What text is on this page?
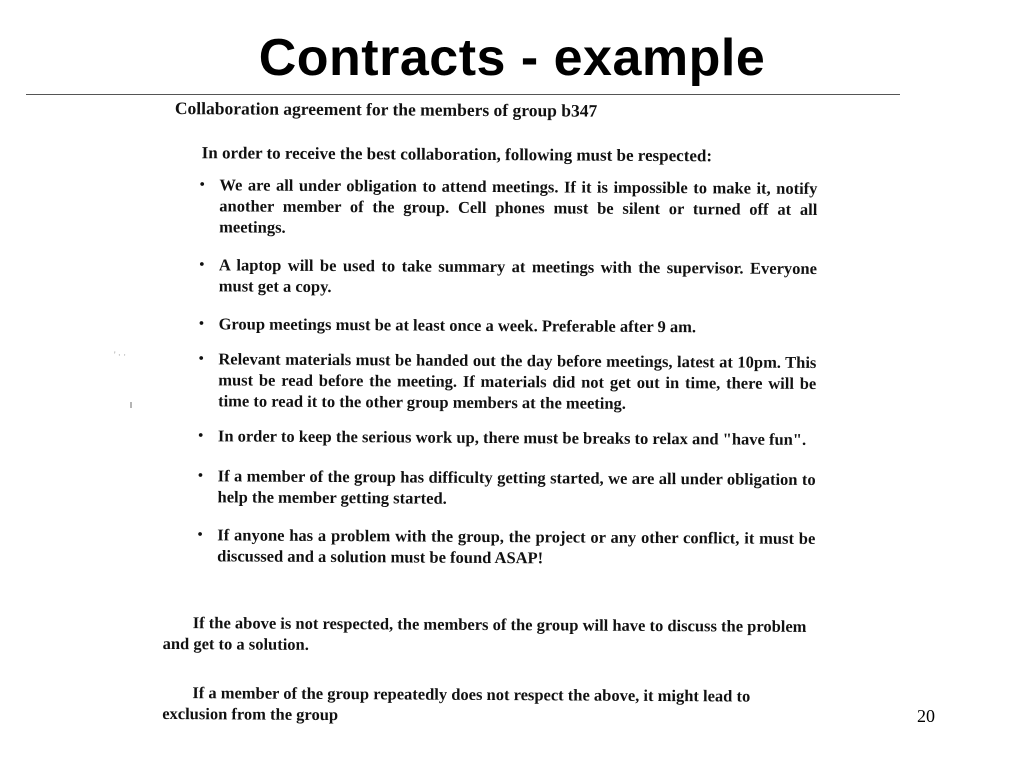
Contracts - example
' · ·
Collaboration agreement for the members of group b347
In order to receive the best collaboration, following must be respected:
• We are all under obligation to attend meetings. If it is impossible to make it, notify another member of the group. Cell phones must be silent or turned off at all meetings.
• A laptop will be used to take summary at meetings with the supervisor. Everyone must get a copy.
• Group meetings must be at least once a week. Preferable after 9 am.
• Relevant materials must be handed out the day before meetings, latest at 10pm. This must be read before the meeting. If materials did not get out in time, there will be time to read it to the other group members at the meeting.
• In order to keep the serious work up, there must be breaks to relax and "have fun".
• If a member of the group has difficulty getting started, we are all under obligation to help the member getting started.
• If anyone has a problem with the group, the project or any other conflict, it must be discussed and a solution must be found ASAP!
If the above is not respected, the members of the group will have to discuss the problem and get to a solution.
If a member of the group repeatedly does not respect the above, it might lead to exclusion from the group	20
